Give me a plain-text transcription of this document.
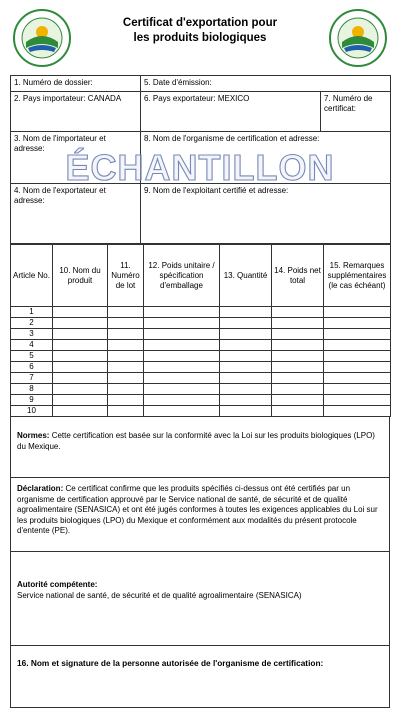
Certificat d'exportation pour
les produits biologiques
1. Numéro de dossier:	5. Date d'émission:	
2. Pays importateur: CANADA	6. Pays exportateur: MEXICO	7. Numéro de certificat:
3. Nom de l'importateur et adresse:	8. Nom de l'organisme de certification et adresse:	
4. Nom de l'exportateur et adresse:	9. Nom de l'exploitant certifié et adresse:	
Article No.	10. Nom du produit	11. Numéro de lot	12. Poids unitaire / spécification d'emballage	13. Quantité	14. Poids net total	15. Remarques supplémentaires (le cas échéant)
1						
2						
3						
4						
5						
6						
7						
8						
9						
10						
Normes: Cette certification est basée sur la conformité avec la Loi sur les produits biologiques (LPO) du Mexique.
Déclaration: Ce certificat confirme que les produits spécifiés ci-dessus ont été certifiés par un organisme de certification approuvé par le Service national de santé, de sécurité et de qualité agroalimentaire (SENASICA) et ont été jugés conformes à toutes les exigences applicables du Loi sur les produits biologiques (LPO) du Mexique et conformément aux modalités du présent protocole d'entente (PE).
Autorité compétente:
Service national de santé, de sécurité et de qualité agroalimentaire (SENASICA)
16. Nom et signature de la personne autorisée de l'organisme de certification:
ÉCHANTILLON
